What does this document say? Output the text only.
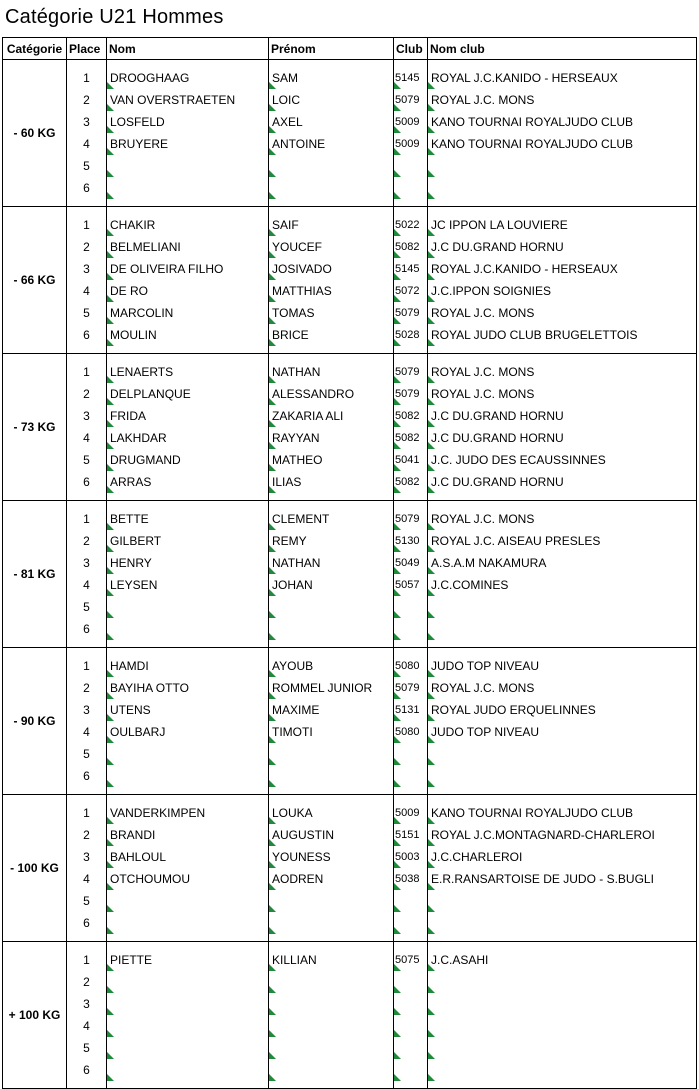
Catégorie U21 Hommes
Catégorie	Place	Nom	Prénom	Club	Nom club
- 60 KG					

1	DROOGHAAG	SAM	5145	ROYAL J.C.KANIDO - HERSEAUX

2	VAN OVERSTRAETEN	LOIC	5079	ROYAL J.C. MONS

3	LOSFELD	AXEL	5009	KANO TOURNAI ROYALJUDO CLUB

4	BRUYERE	ANTOINE	5009	KANO TOURNAI ROYALJUDO CLUB

5				

6				

- 66 KG					

1	CHAKIR	SAIF	5022	JC IPPON LA LOUVIERE

2	BELMELIANI	YOUCEF	5082	J.C DU.GRAND HORNU

3	DE OLIVEIRA FILHO	JOSIVADO	5145	ROYAL J.C.KANIDO - HERSEAUX

4	DE RO	MATTHIAS	5072	J.C.IPPON SOIGNIES

5	MARCOLIN	TOMAS	5079	ROYAL J.C. MONS

6	MOULIN	BRICE	5028	ROYAL JUDO CLUB BRUGELETTOIS

- 73 KG					

1	LENAERTS	NATHAN	5079	ROYAL J.C. MONS

2	DELPLANQUE	ALESSANDRO	5079	ROYAL J.C. MONS

3	FRIDA	ZAKARIA ALI	5082	J.C DU.GRAND HORNU

4	LAKHDAR	RAYYAN	5082	J.C DU.GRAND HORNU

5	DRUGMAND	MATHEO	5041	J.C. JUDO DES ECAUSSINNES

6	ARRAS	ILIAS	5082	J.C DU.GRAND HORNU

- 81 KG					

1	BETTE	CLEMENT	5079	ROYAL J.C. MONS

2	GILBERT	REMY	5130	ROYAL J.C. AISEAU PRESLES

3	HENRY	NATHAN	5049	A.S.A.M NAKAMURA

4	LEYSEN	JOHAN	5057	J.C.COMINES

5				

6				

- 90 KG					

1	HAMDI	AYOUB	5080	JUDO TOP NIVEAU

2	BAYIHA OTTO	ROMMEL JUNIOR	5079	ROYAL J.C. MONS

3	UTENS	MAXIME	5131	ROYAL JUDO ERQUELINNES

4	OULBARJ	TIMOTI	5080	JUDO TOP NIVEAU

5				

6				

- 100 KG					

1	VANDERKIMPEN	LOUKA	5009	KANO TOURNAI ROYALJUDO CLUB

2	BRANDI	AUGUSTIN	5151	ROYAL J.C.MONTAGNARD-CHARLEROI

3	BAHLOUL	YOUNESS	5003	J.C.CHARLEROI

4	OTCHOUMOU	AODREN	5038	E.R.RANSARTOISE DE JUDO - S.BUGLI

5				

6				

+ 100 KG					

1	PIETTE	KILLIAN	5075	J.C.ASAHI

2				

3				

4				

5				

6				
